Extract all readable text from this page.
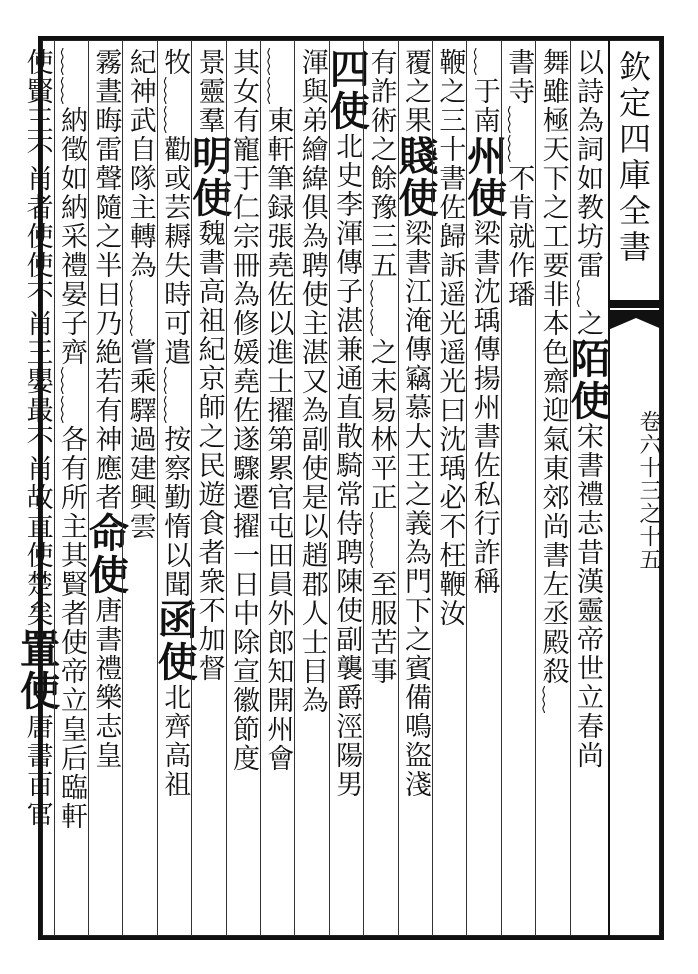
欽定四庫全書
卷六十三之十五
以詩為詞如教坊雷﹏之陌使宋書禮志昔漢靈帝世立春尚
舞雖極天下之工要非本色齋迎氣東郊尚書左丞殿殺﹏
書寺﹏﹏不肯就作璠
﹏于南州使梁書沈瑀傳揚州書佐私行詐稱
鞭之三十書佐歸訴遥光遥光曰沈瑀必不枉鞭汝
覆之果賤使梁書江淹傳竊慕大王之義為門下之賓備鳴盜淺
有詐術之餘豫三五﹏﹏之末易林平正﹏﹏至服苦事
四使北史李渾傳子湛兼通直散騎常侍聘陳使副襲爵涇陽男
渾與弟繪緯俱為聘使主湛又為副使是以趙郡人士目為
﹏﹏東軒筆録張堯佐以進士擢第累官屯田員外郎知開州會
其女有寵于仁宗冊為修媛堯佐遂驟遷擢一日中除宣徽節度
景靈羣明使魏書高祖紀京師之民遊食者衆不加督
牧﹏﹏勸或芸耨失時可遣﹏﹏按察勤惰以聞函使北齊高祖
紀神武自隊主轉為﹏﹏嘗乘驛過建興雲
霧晝晦雷聲隨之半日乃絶若有神應者命使唐書禮樂志皇
﹏﹏納徵如納采禮晏子齊﹏﹏各有所主其賢者使帝立皇后臨軒
使賢王不肖者使使不肖王嬰最不肖故直使楚矣置使唐書百官
